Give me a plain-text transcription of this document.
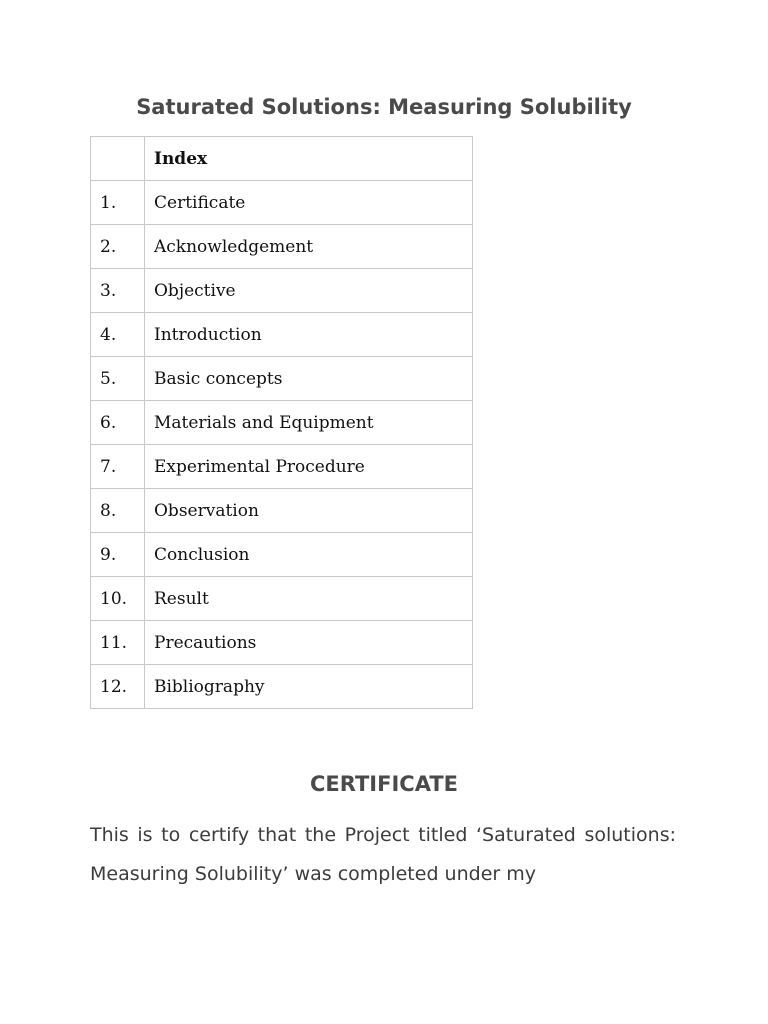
Saturated Solutions: Measuring Solubility
	Index
1.	Certificate
2.	Acknowledgement
3.	Objective
4.	Introduction
5.	Basic concepts
6.	Materials and Equipment
7.	Experimental Procedure
8.	Observation
9.	Conclusion
10.	Result
11.	Precautions
12.	Bibliography
CERTIFICATE

This is to certify that the Project titled ‘Saturated solutions: Measuring Solubility’ was completed under my
